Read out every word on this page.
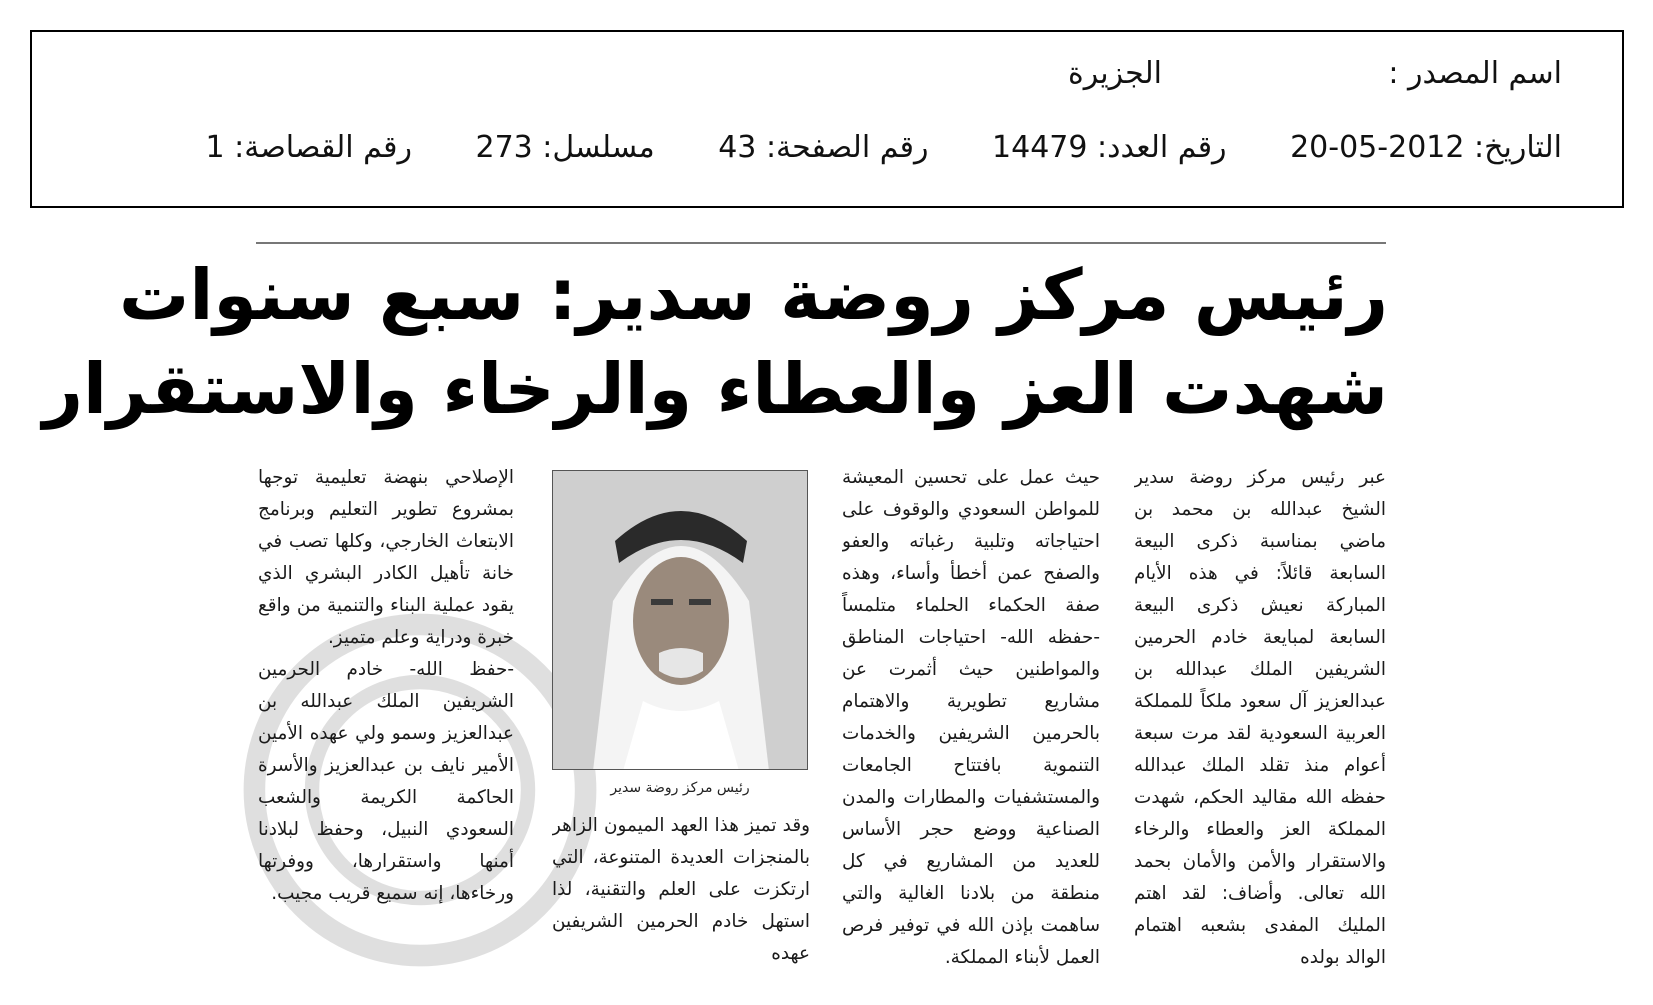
اسم المصدر :
الجزيرة
التاريخ: 2012-05-20 رقم العدد: 14479 رقم الصفحة: 43 مسلسل: 273 رقم القصاصة: 1
رئيس مركز روضة سدير: سبع سنوات
شهدت العز والعطاء والرخاء والاستقرار

عبر رئيس مركز روضة سدير الشيخ عبدالله بن محمد بن ماضي بمناسبة ذكرى البيعة السابعة قائلاً: في هذه الأيام المباركة نعيش ذكرى البيعة السابعة لمبايعة خادم الحرمين الشريفين الملك عبدالله بن عبدالعزيز آل سعود ملكاً للمملكة العربية السعودية لقد مرت سبعة أعوام منذ تقلد الملك عبدالله حفظه الله مقاليد الحكم، شهدت المملكة العز والعطاء والرخاء والاستقرار والأمن والأمان بحمد الله تعالى. وأضاف: لقد اهتم المليك المفدى بشعبه اهتمام الوالد بولده

حيث عمل على تحسين المعيشة للمواطن السعودي والوقوف على احتياجاته وتلبية رغباته والعفو والصفح عمن أخطأ وأساء، وهذه صفة الحكماء الحلماء متلمساً -حفظه الله- احتياجات المناطق والمواطنين حيث أثمرت عن مشاريع تطويرية والاهتمام بالحرمين الشريفين والخدمات التنموية بافتتاح الجامعات والمستشفيات والمطارات والمدن الصناعية ووضع حجر الأساس للعديد من المشاريع في كل منطقة من بلادنا الغالية والتي ساهمت بإذن الله في توفير فرص العمل لأبناء المملكة.

رئيس مركز روضة سدير

وقد تميز هذا العهد الميمون الزاهر بالمنجزات العديدة المتنوعة، التي ارتكزت على العلم والتقنية، لذا استهل خادم الحرمين الشريفين عهده

الإصلاحي بنهضة تعليمية توجها بمشروع تطوير التعليم وبرنامج الابتعاث الخارجي، وكلها تصب في خانة تأهيل الكادر البشري الذي يقود عملية البناء والتنمية من واقع خبرة ودراية وعلم متميز.

-حفظ الله- خادم الحرمين الشريفين الملك عبدالله بن عبدالعزيز وسمو ولي عهده الأمين الأمير نايف بن عبدالعزيز والأسرة الحاكمة الكريمة والشعب السعودي النبيل، وحفظ لبلادنا أمنها واستقرارها، ووفرتها ورخاءها، إنه سميع قريب مجيب.
